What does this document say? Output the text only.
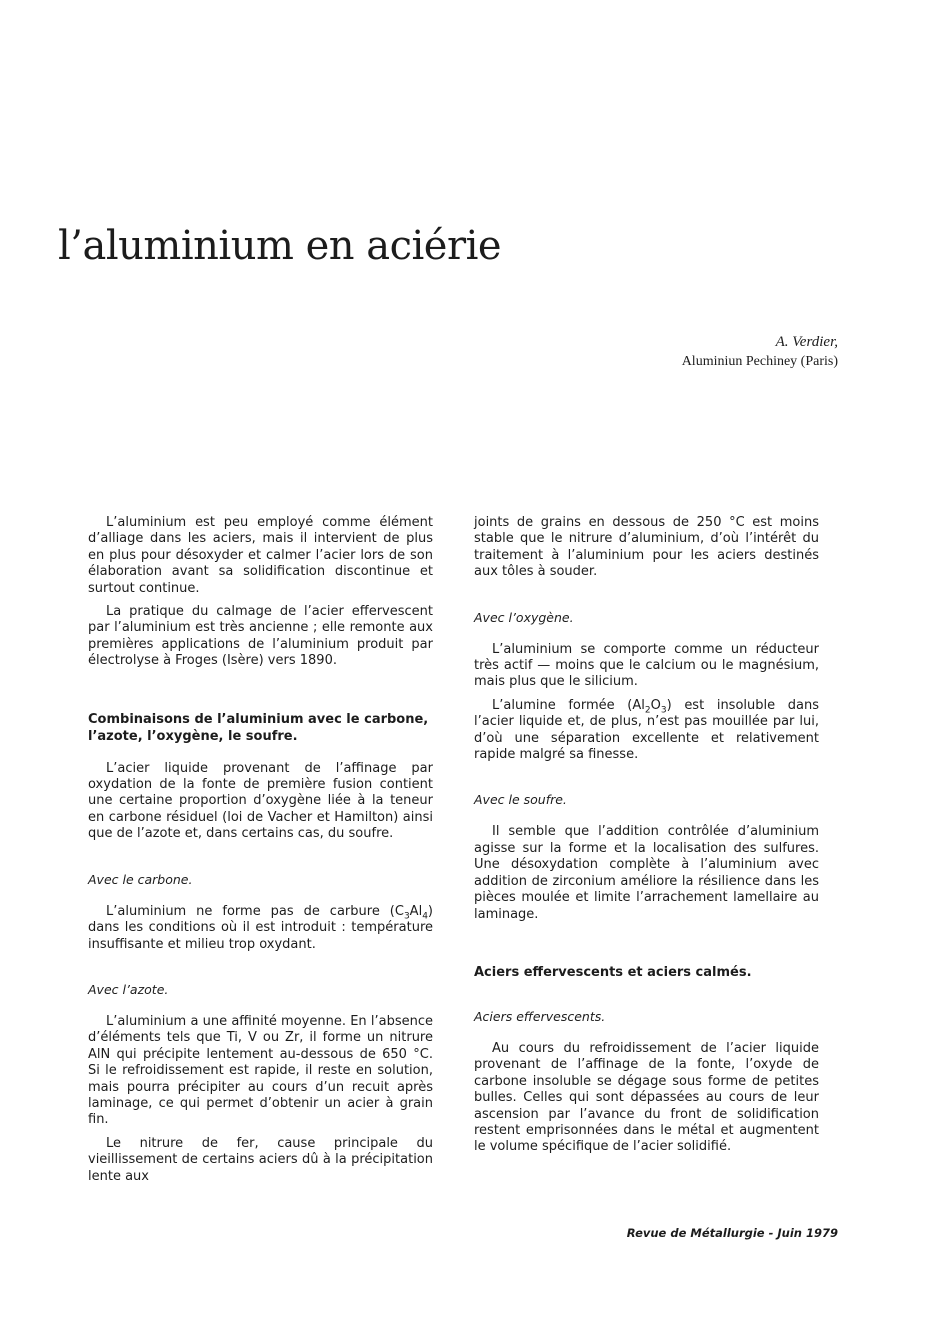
l’aluminium en aciérie
A. Verdier,
Aluminiun Pechiney (Paris)

L’aluminium est peu employé comme élément d’alliage dans les aciers, mais il intervient de plus en plus pour désoxyder et calmer l’acier lors de son élaboration avant sa solidification discontinue et surtout continue.

La pratique du calmage de l’acier effervescent par l’aluminium est très ancienne ; elle remonte aux premières applications de l’aluminium produit par électrolyse à Froges (Isère) vers 1890.

Combinaisons de l’aluminium avec le carbone, l’azote, l’oxygène, le soufre.

L’acier liquide provenant de l’affinage par oxydation de la fonte de première fusion contient une certaine proportion d’oxygène liée à la teneur en carbone résiduel (loi de Vacher et Hamilton) ainsi que de l’azote et, dans certains cas, du soufre.

Avec le carbone.

L’aluminium ne forme pas de carbure $(C_3Al_4)$ dans les conditions où il est introduit : température insuffisante et milieu trop oxydant.

Avec l’azote.

L’aluminium a une affinité moyenne. En l’absence d’éléments tels que Ti, V ou Zr, il forme un nitrure AlN qui précipite lentement au-dessous de 650 °C. Si le refroidissement est rapide, il reste en solution, mais pourra précipiter au cours d’un recuit après laminage, ce qui permet d’obtenir un acier à grain fin.

Le nitrure de fer, cause principale du vieillissement de certains aciers dû à la précipitation lente aux

joints de grains en dessous de 250 °C est moins stable que le nitrure d’aluminium, d’où l’intérêt du traitement à l’aluminium pour les aciers destinés aux tôles à souder.

Avec l’oxygène.

L’aluminium se comporte comme un réducteur très actif — moins que le calcium ou le magnésium, mais plus que le silicium.

L’alumine formée $(Al_2O_3)$ est insoluble dans l’acier liquide et, de plus, n’est pas mouillée par lui, d’où une séparation excellente et relativement rapide malgré sa finesse.

Avec le soufre.

Il semble que l’addition contrôlée d’aluminium agisse sur la forme et la localisation des sulfures. Une désoxydation complète à l’aluminium avec addition de zirconium améliore la résilience dans les pièces moulée et limite l’arrachement lamellaire au laminage.

Aciers effervescents et aciers calmés.
Aciers effervescents.

Au cours du refroidissement de l’acier liquide provenant de l’affinage de la fonte, l’oxyde de carbone insoluble se dégage sous forme de petites bulles. Celles qui sont dépassées au cours de leur ascension par l’avance du front de solidification restent emprisonnées dans le métal et augmentent le volume spécifique de l’acier solidifié.

Revue de Métallurgie - Juin 1979
